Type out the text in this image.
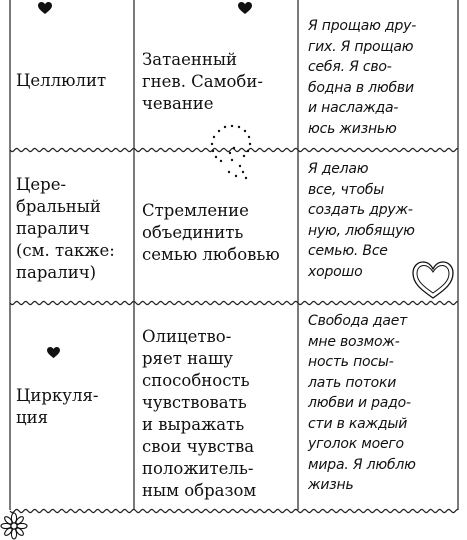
Целлюлит
Затаенный
гнев. Самоби-
чевание
Я прощаю дру-
гих. Я прощаю
себя. Я сво-
бодна в любви
и наслажда-
юсь жизнью
Цере-
бральный
паралич
(см. также:
паралич)
Стремление
объединить
семью любовью
Я делаю
все, чтобы
создать друж-
ную, любящую
семью. Все
хорошо
Циркуля-
ция
Олицетво-
ряет нашу
способность
чувствовать
и выражать
свои чувства
положитель-
ным образом
Свобода дает
мне возмож-
ность посы-
лать потоки
любви и радо-
сти в каждый
уголок моего
мира. Я люблю
жизнь
